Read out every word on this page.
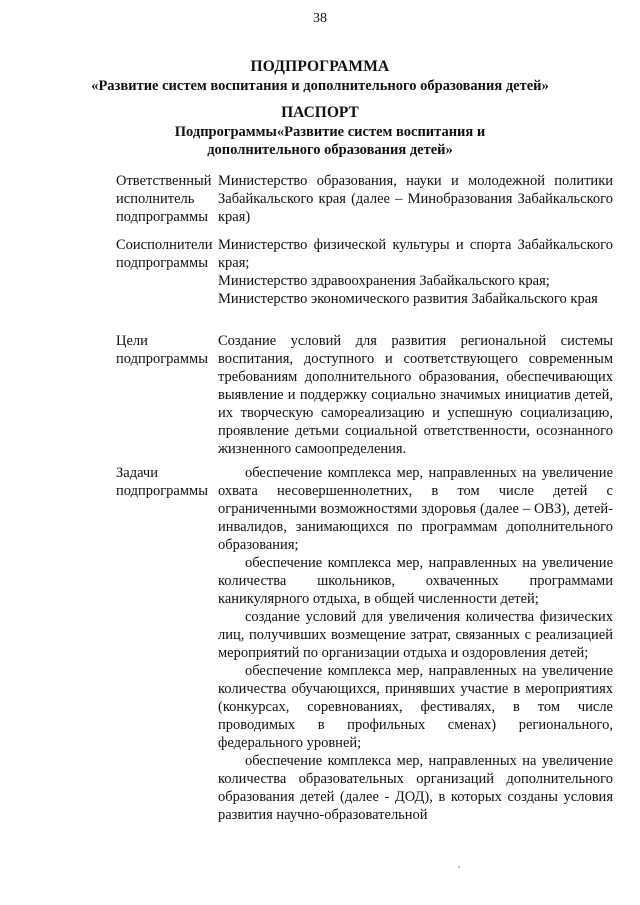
38
ПОДПРОГРАММА
«Развитие систем воспитания и дополнительного образования детей»
ПАСПОРТ
Подпрограммы«Развитие систем воспитания и дополнительного образования детей»
Ответственный исполнитель подпрограммы

Министерство образования, науки и молодежной политики Забайкальского края (далее – Минобразования Забайкальского края)

Соисполнители подпрограммы

Министерство физической культуры и спорта Забайкальского края;

Министерство здравоохранения Забайкальского края;

Министерство экономического развития Забайкальского края

Цели подпрограммы

Создание условий для развития региональной системы воспитания, доступного и соответствующего современным требованиям дополнительного образования, обеспечивающих выявление и поддержку социально значимых инициатив детей, их творческую самореализацию и успешную социализацию, проявление детьми социальной ответственности, осознанного жизненного самоопределения.

Задачи подпрограммы

обеспечение комплекса мер, направленных на увеличение охвата несовершеннолетних, в том числе детей с ограниченными возможностями здоровья (далее – ОВЗ), детей-инвалидов, занимающихся по программам дополнительного образования;

обеспечение комплекса мер, направленных на увеличение количества школьников, охваченных программами каникулярного отдыха, в общей численности детей;

создание условий для увеличения количества физических лиц, получивших возмещение затрат, связанных с реализацией мероприятий по организации отдыха и оздоровления детей;

обеспечение комплекса мер, направленных на увеличение количества обучающихся, принявших участие в мероприятиях (конкурсах, соревнованиях, фестивалях, в том числе проводимых в профильных сменах) регионального, федерального уровней;

обеспечение комплекса мер, направленных на увеличение количества образовательных организаций дополнительного образования детей (далее - ДОД), в которых созданы условия развития научно-образовательной
